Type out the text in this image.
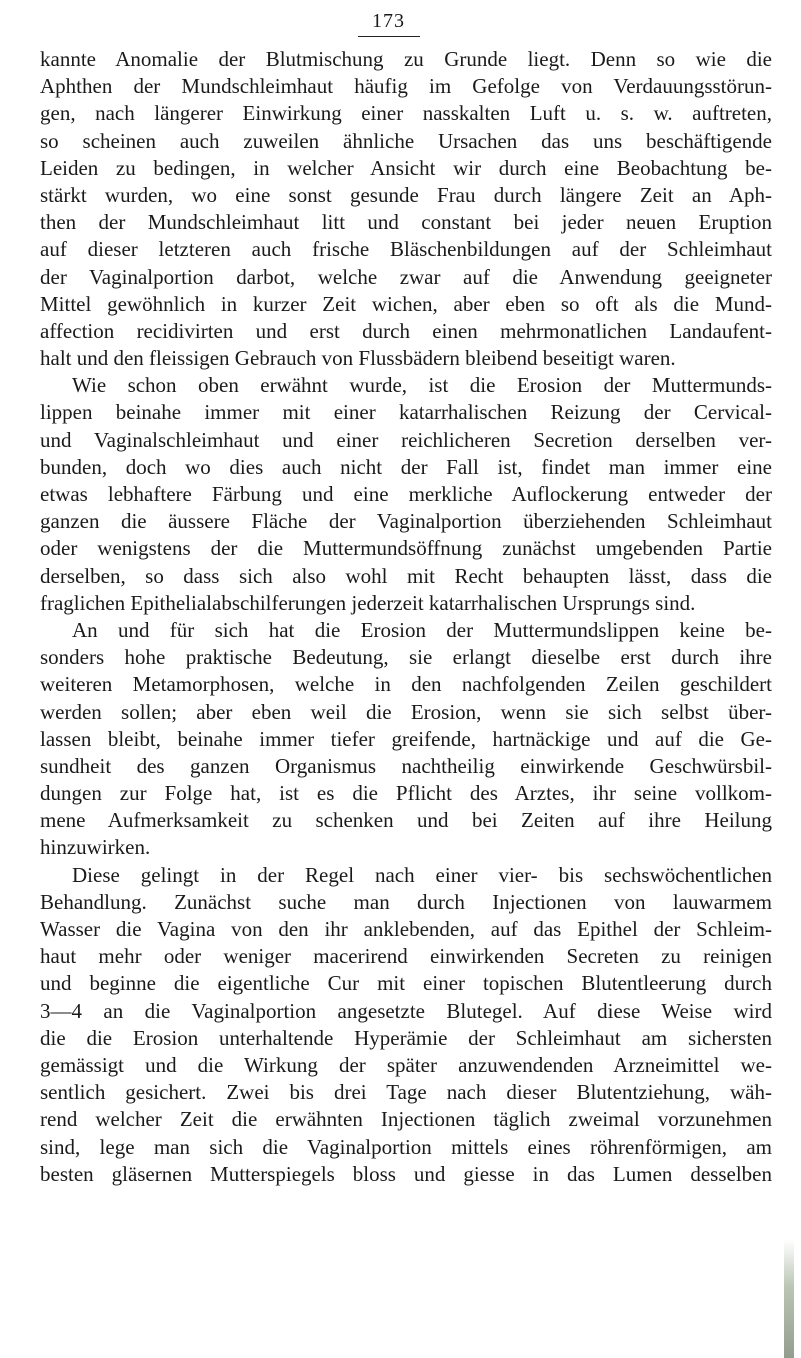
173
kannte Anomalie der Blutmischung zu Grunde liegt. Denn so wie die
Aphthen der Mundschleimhaut häufig im Gefolge von Verdauungsstörun-
gen, nach längerer Einwirkung einer nasskalten Luft u. s. w. auftreten,
so scheinen auch zuweilen ähnliche Ursachen das uns beschäftigende
Leiden zu bedingen, in welcher Ansicht wir durch eine Beobachtung be-
stärkt wurden, wo eine sonst gesunde Frau durch längere Zeit an Aph-
then der Mundschleimhaut litt und constant bei jeder neuen Eruption
auf dieser letzteren auch frische Bläschenbildungen auf der Schleimhaut
der Vaginalportion darbot, welche zwar auf die Anwendung geeigneter
Mittel gewöhnlich in kurzer Zeit wichen, aber eben so oft als die Mund-
affection recidivirten und erst durch einen mehrmonatlichen Landaufent-
halt und den fleissigen Gebrauch von Flussbädern bleibend beseitigt waren.
Wie schon oben erwähnt wurde, ist die Erosion der Muttermunds-
lippen beinahe immer mit einer katarrhalischen Reizung der Cervical-
und Vaginalschleimhaut und einer reichlicheren Secretion derselben ver-
bunden, doch wo dies auch nicht der Fall ist, findet man immer eine
etwas lebhaftere Färbung und eine merkliche Auflockerung entweder der
ganzen die äussere Fläche der Vaginalportion überziehenden Schleimhaut
oder wenigstens der die Muttermundsöffnung zunächst umgebenden Partie
derselben, so dass sich also wohl mit Recht behaupten lässt, dass die
fraglichen Epithelialabschilferungen jederzeit katarrhalischen Ursprungs sind.
An und für sich hat die Erosion der Muttermundslippen keine be-
sonders hohe praktische Bedeutung, sie erlangt dieselbe erst durch ihre
weiteren Metamorphosen, welche in den nachfolgenden Zeilen geschildert
werden sollen; aber eben weil die Erosion, wenn sie sich selbst über-
lassen bleibt, beinahe immer tiefer greifende, hartnäckige und auf die Ge-
sundheit des ganzen Organismus nachtheilig einwirkende Geschwürsbil-
dungen zur Folge hat, ist es die Pflicht des Arztes, ihr seine vollkom-
mene Aufmerksamkeit zu schenken und bei Zeiten auf ihre Heilung
hinzuwirken.
Diese gelingt in der Regel nach einer vier- bis sechswöchentlichen
Behandlung. Zunächst suche man durch Injectionen von lauwarmem
Wasser die Vagina von den ihr anklebenden, auf das Epithel der Schleim-
haut mehr oder weniger macerirend einwirkenden Secreten zu reinigen
und beginne die eigentliche Cur mit einer topischen Blutentleerung durch
3—4 an die Vaginalportion angesetzte Blutegel. Auf diese Weise wird
die die Erosion unterhaltende Hyperämie der Schleimhaut am sichersten
gemässigt und die Wirkung der später anzuwendenden Arzneimittel we-
sentlich gesichert. Zwei bis drei Tage nach dieser Blutentziehung, wäh-
rend welcher Zeit die erwähnten Injectionen täglich zweimal vorzunehmen
sind, lege man sich die Vaginalportion mittels eines röhrenförmigen, am
besten gläsernen Mutterspiegels bloss und giesse in das Lumen desselben
